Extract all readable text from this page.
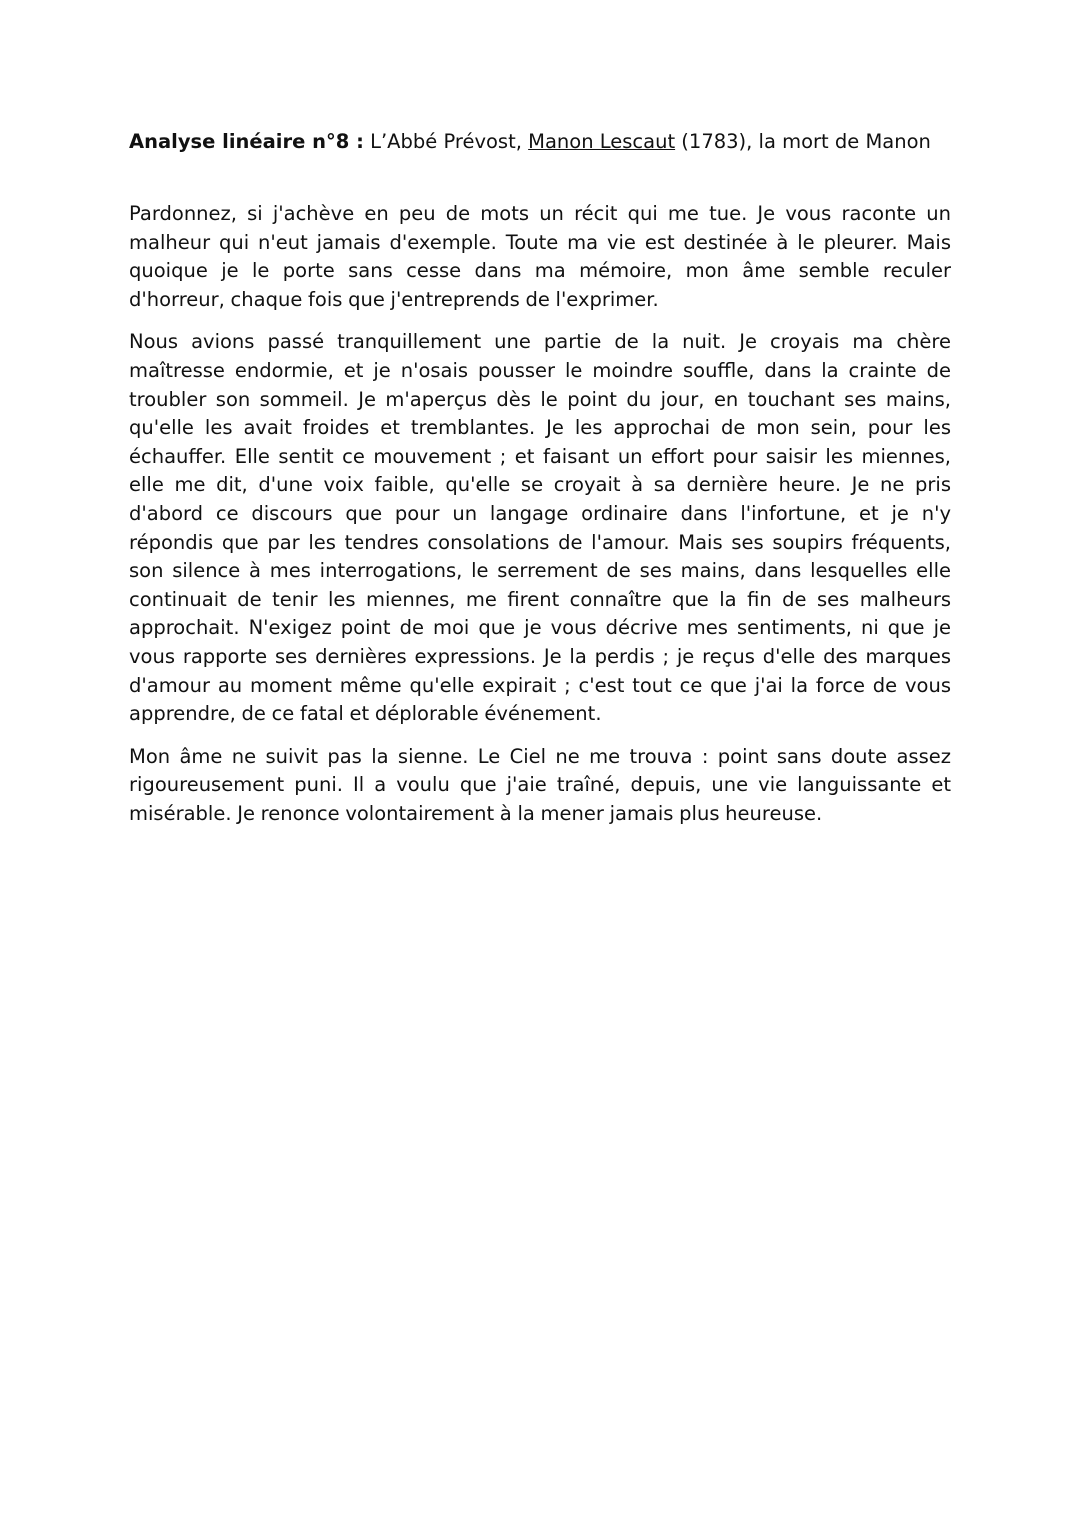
Analyse linéaire n°8 : L’Abbé Prévost, Manon Lescaut (1783), la mort de Manon

Pardonnez, si j'achève en peu de mots un récit qui me tue. Je vous raconte un malheur qui n'eut jamais d'exemple. Toute ma vie est destinée à le pleurer. Mais quoique je le porte sans cesse dans ma mémoire, mon âme semble reculer d'horreur, chaque fois que j'entreprends de l'exprimer.

Nous avions passé tranquillement une partie de la nuit. Je croyais ma chère maîtresse endormie, et je n'osais pousser le moindre souffle, dans la crainte de troubler son sommeil. Je m'aperçus dès le point du jour, en touchant ses mains, qu'elle les avait froides et tremblantes. Je les approchai de mon sein, pour les échauffer. Elle sentit ce mouvement ; et faisant un effort pour saisir les miennes, elle me dit, d'une voix faible, qu'elle se croyait à sa dernière heure. Je ne pris d'abord ce discours que pour un langage ordinaire dans l'infortune, et je n'y répondis que par les tendres consolations de l'amour. Mais ses soupirs fréquents, son silence à mes interrogations, le serrement de ses mains, dans lesquelles elle continuait de tenir les miennes, me firent connaître que la fin de ses malheurs approchait. N'exigez point de moi que je vous décrive mes sentiments, ni que je vous rapporte ses dernières expressions. Je la perdis ; je reçus d'elle des marques d'amour au moment même qu'elle expirait ; c'est tout ce que j'ai la force de vous apprendre, de ce fatal et déplorable événement.

Mon âme ne suivit pas la sienne. Le Ciel ne me trouva : point sans doute assez rigoureusement puni. Il a voulu que j'aie traîné, depuis, une vie languissante et misérable. Je renonce volontairement à la mener jamais plus heureuse.
